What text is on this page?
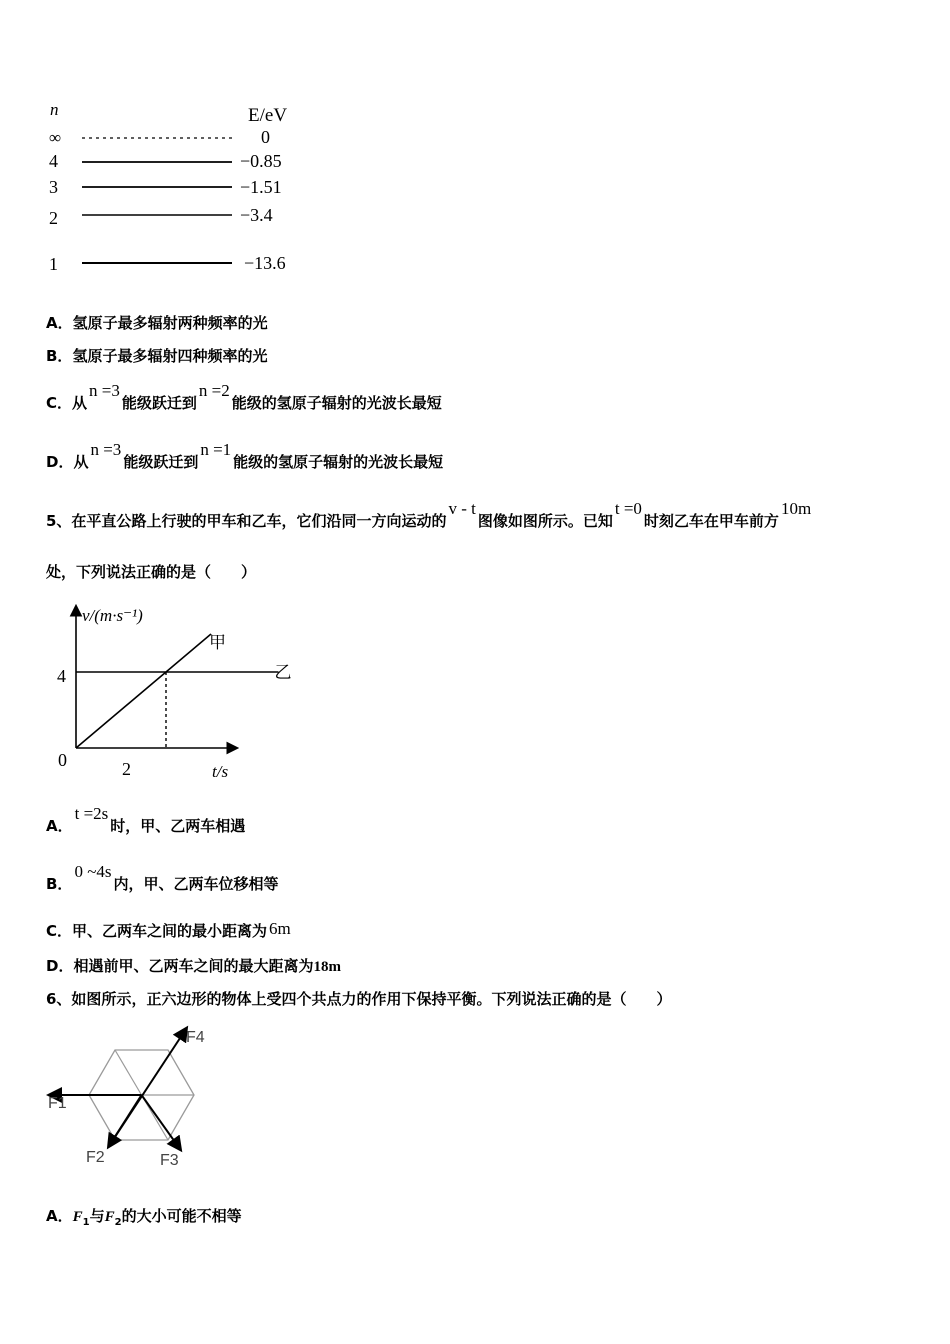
n	E/eV
∞	0
4	−0.85
3	−1.51
2	−3.4
1	−13.6
A．氢原子最多辐射两种频率的光
B．氢原子最多辐射四种频率的光
C．从n =3能级跃迁到n =2能级的氢原子辐射的光波长最短
D．从n =3能级跃迁到n =1能级的氢原子辐射的光波长最短
5、在平直公路上行驶的甲车和乙车，它们沿同一方向运动的v - t图像如图所示。已知t =0时刻乙车在甲车前方10m
处，下列说法正确的是（　　）
v/(m·s⁻¹)
t/s
0
4
2
甲
乙
A．t =2s时，甲、乙两车相遇
B．0 ~4s内，甲、乙两车位移相等
C．甲、乙两车之间的最小距离为 6m
D．相遇前甲、乙两车之间的最大距离为18m
6、如图所示，正六边形的物体上受四个共点力的作用下保持平衡。下列说法正确的是（　　）
F4
F1
F2	F3
A．$F_1$与$F_2$的大小可能不相等
